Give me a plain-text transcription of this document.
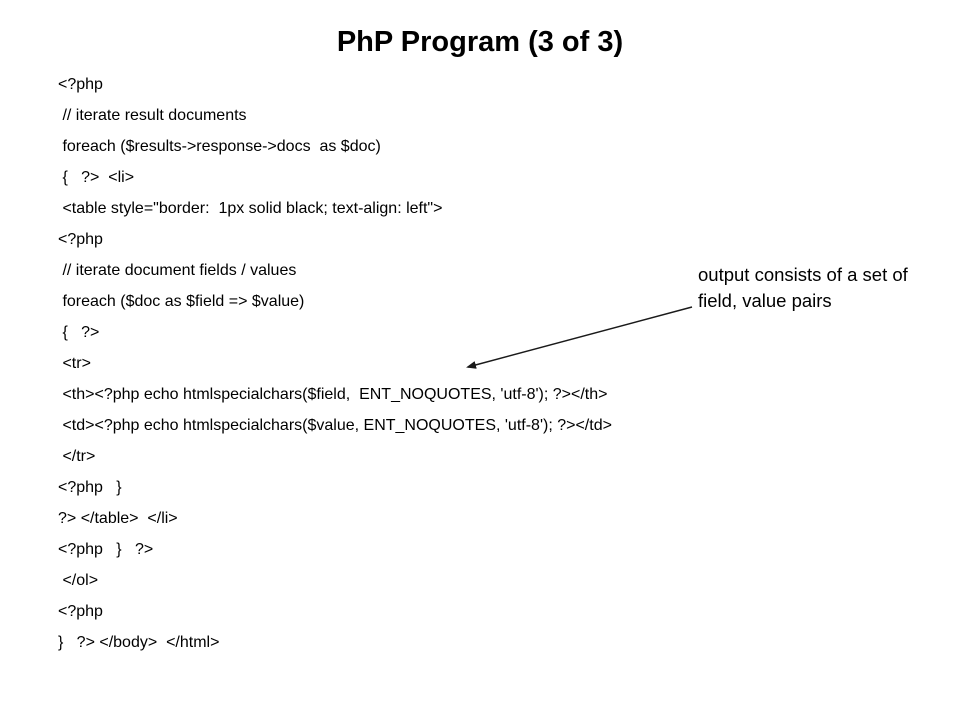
PhP Program (3 of 3)
<?php
// iterate result documents
foreach ($results->response->docs  as $doc)
{   ?>  <li>
<table style="border:  1px solid black; text-align: left">
<?php
// iterate document fields / values
foreach ($doc as $field => $value)
{   ?>
<tr>
<th><?php echo htmlspecialchars($field,  ENT_NOQUOTES, 'utf-8'); ?></th>
<td><?php echo htmlspecialchars($value, ENT_NOQUOTES, 'utf-8'); ?></td>
</tr>
<?php   }
?> </table>  </li>
<?php   }   ?>
</ol>
<?php
}   ?> </body>  </html>
output consists of a set of field, value pairs
